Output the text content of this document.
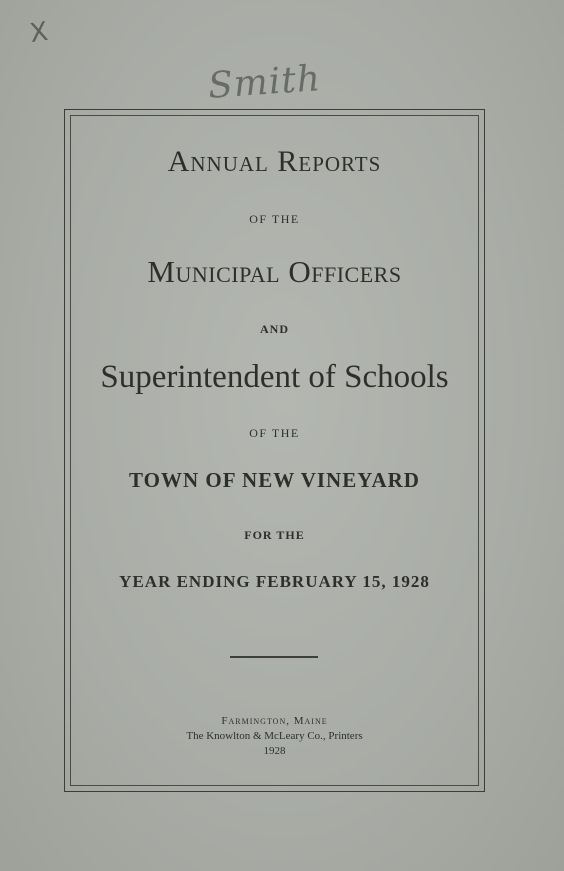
X
Smith

Annual Reports

OF THE

Municipal Officers

AND

Superintendent of Schools

OF THE

TOWN OF NEW VINEYARD

FOR THE

YEAR ENDING FEBRUARY 15, 1928

Farmington, Maine

The Knowlton & McLeary Co., Printers

1928
